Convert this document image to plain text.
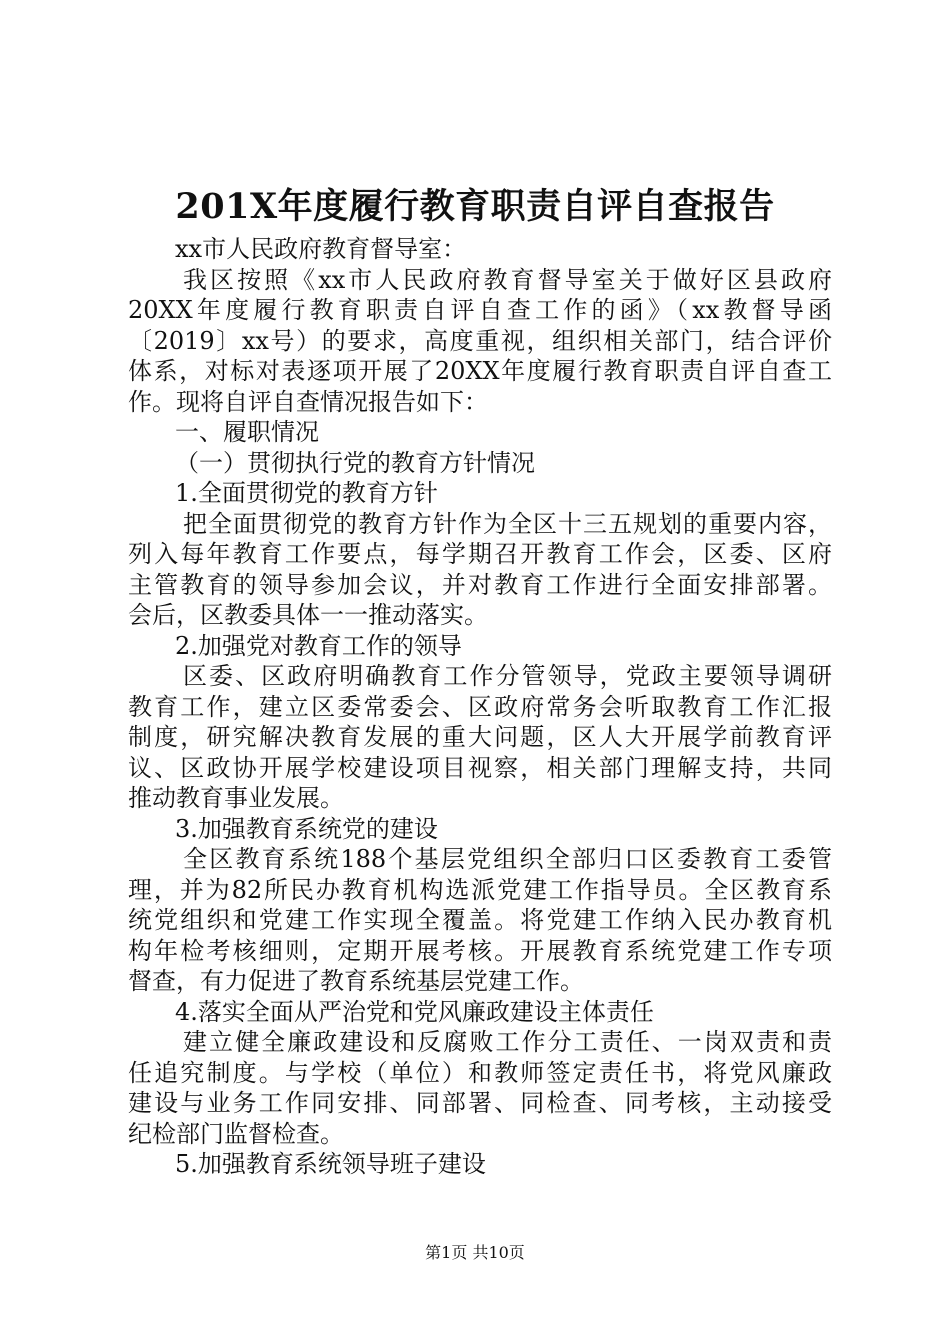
201X年度履行教育职责自评自查报告
xx市人民政府教育督导室：
我区按照《xx市人民政府教育督导室关于做好区县政府
20XX年度履行教育职责自评自查工作的函》（xx教督导函
〔2019〕xx号）的要求，高度重视，组织相关部门，结合评价
体系，对标对表逐项开展了20XX年度履行教育职责自评自查工
作。现将自评自查情况报告如下：
一、履职情况
（一）贯彻执行党的教育方针情况
1.全面贯彻党的教育方针
把全面贯彻党的教育方针作为全区十三五规划的重要内容，
列入每年教育工作要点，每学期召开教育工作会，区委、区府
主管教育的领导参加会议，并对教育工作进行全面安排部署。
会后，区教委具体一一推动落实。
2.加强党对教育工作的领导
区委、区政府明确教育工作分管领导，党政主要领导调研
教育工作，建立区委常委会、区政府常务会听取教育工作汇报
制度，研究解决教育发展的重大问题，区人大开展学前教育评
议、区政协开展学校建设项目视察，相关部门理解支持，共同
推动教育事业发展。
3.加强教育系统党的建设
全区教育系统188个基层党组织全部归口区委教育工委管
理，并为82所民办教育机构选派党建工作指导员。全区教育系
统党组织和党建工作实现全覆盖。将党建工作纳入民办教育机
构年检考核细则，定期开展考核。开展教育系统党建工作专项
督查，有力促进了教育系统基层党建工作。
4.落实全面从严治党和党风廉政建设主体责任
建立健全廉政建设和反腐败工作分工责任、一岗双责和责
任追究制度。与学校（单位）和教师签定责任书，将党风廉政
建设与业务工作同安排、同部署、同检查、同考核，主动接受
纪检部门监督检查。
5.加强教育系统领导班子建设
第1页 共10页
